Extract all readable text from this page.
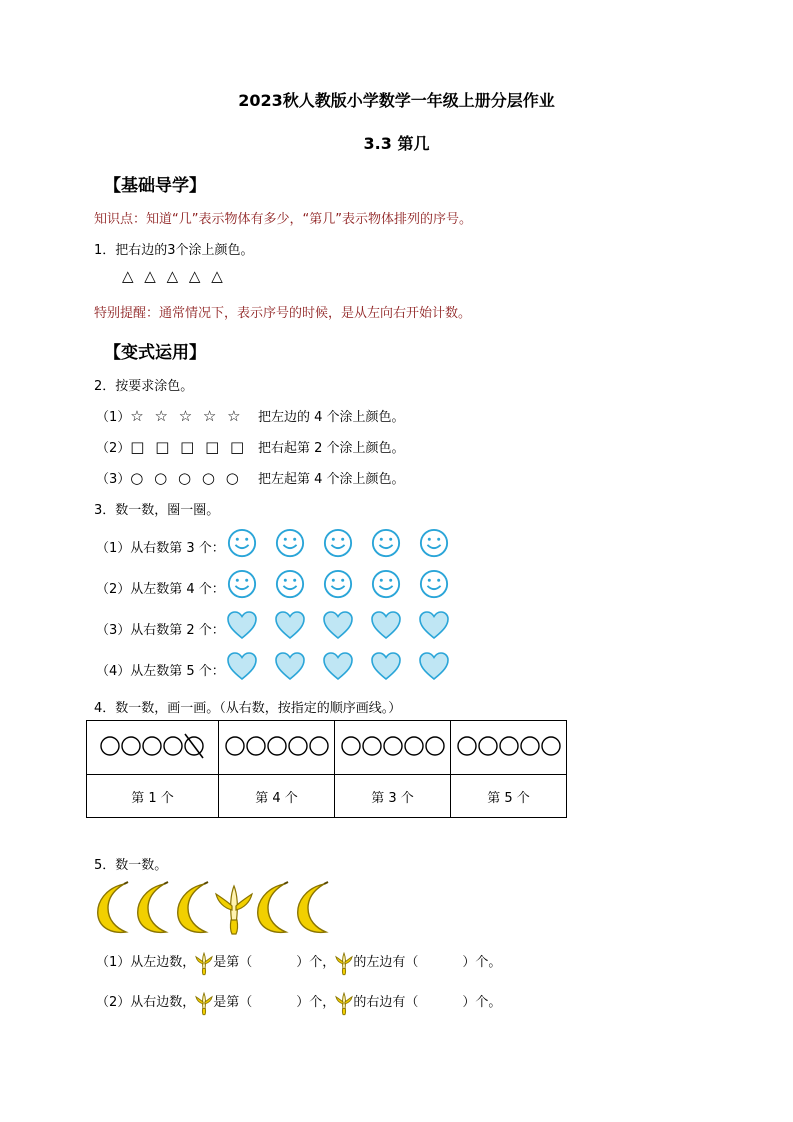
2023秋人教版小学数学一年级上册分层作业
3.3 第几
【基础导学】
知识点：知道“几”表示物体有多少，“第几”表示物体排列的序号。
1．把右边的3个涂上颜色。
△ △ △ △ △
特别提醒：通常情况下，表示序号的时候，是从左向右开始计数。
【变式运用】
2．按要求涂色。
（1）☆ ☆ ☆ ☆ ☆ 把左边的 4 个涂上颜色。
（2）□ □ □ □ □ 把右起第 2 个涂上颜色。
（3）○ ○ ○ ○ ○ 把左起第 4 个涂上颜色。
3．数一数，圈一圈。
（1）从右数第 3 个：
（2）从左数第 4 个：
（3）从右数第 2 个：
（4）从左数第 5 个：
4．数一数，画一画。（从右数，按指定的顺序画线。）

第 1 个	第 4 个	第 3 个	第 5 个
5．数一数。
（1）从左边数， 是第（	）个， 的左边有（	）个。
（2）从右边数， 是第（	）个， 的右边有（	）个。
